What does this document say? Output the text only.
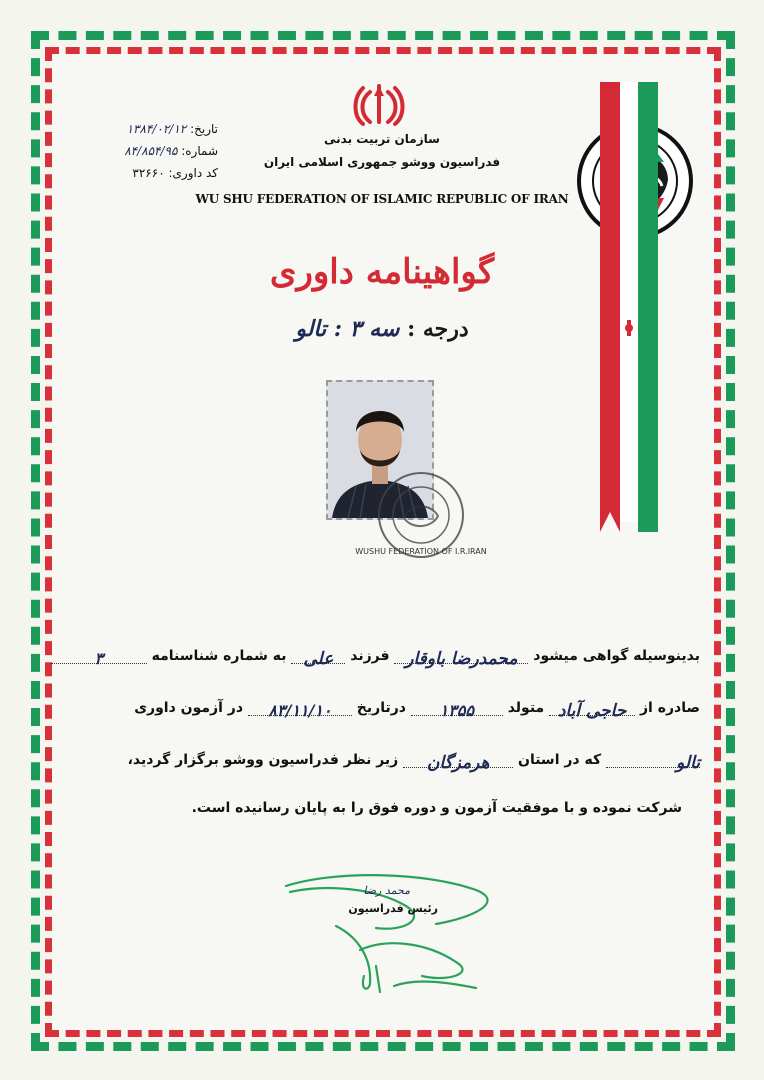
تاریخ: ۱۳۸۴/۰۲/۱۲
شماره: ۸۴/۸۵۴/۹۵
کد داوری: ۳۲۶۶۰
سازمان تربیت بدنی
فدراسیون ووشو جمهوری اسلامی ایران
WU SHU FEDERATION OF ISLAMIC REPUBLIC OF IRAN
گواهینامه داوری
درجه : سه ۳ : تالو
WUSHU FEDERATION OF I.R.IRAN
بدینوسیله گواهی میشود محمدرضا باوقار فرزند علی به شماره شناسنامه ۳
صادره از حاجی آباد متولد ۱۳۵۵ درتاریخ ۸۳/۱۱/۱۰ در آزمون داوری
تالو که در استان هرمزگان زیر نظر فدراسیون ووشو برگزار گردید،
شرکت نموده و با موفقیت آزمون و دوره فوق را به پایان رسانیده است.
محمد رضا
رئیس فدراسیون
